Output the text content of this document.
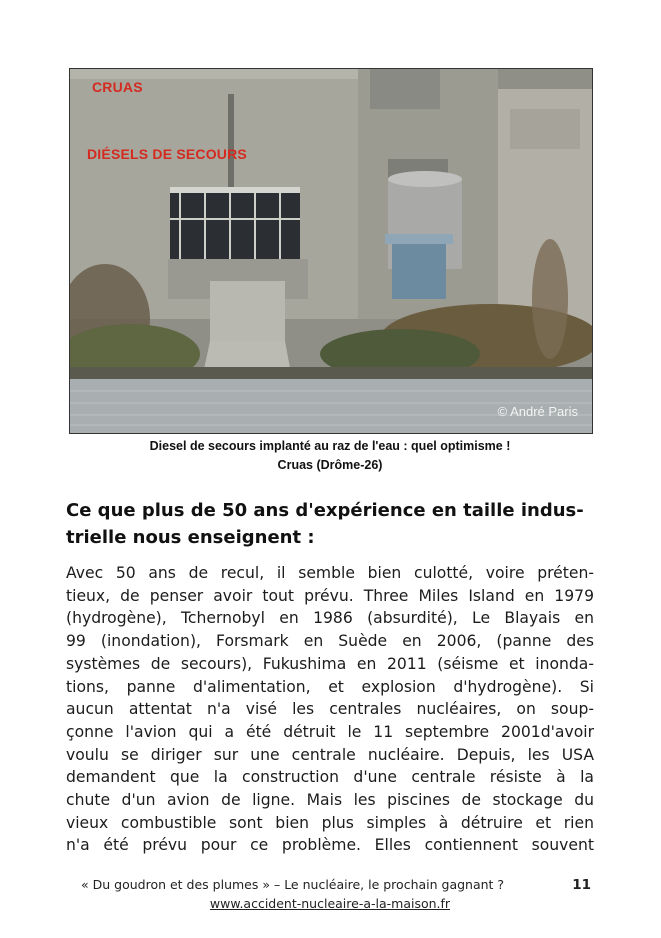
CRUAS
DIÉSELS DE SECOURS
© André Paris
Diesel de secours implanté au raz de l'eau : quel optimisme !
Cruas (Drôme-26)
Ce que plus de 50 ans d'expérience en taille indus-
trielle nous enseignent :
Avec 50 ans de recul, il semble bien culotté, voire préten-
tieux, de penser avoir tout prévu. Three Miles Island en 1979
(hydrogène), Tchernobyl en 1986 (absurdité), Le Blayais en
99 (inondation), Forsmark en Suède en 2006, (panne des
systèmes de secours), Fukushima en 2011 (séisme et inonda-
tions, panne d'alimentation, et explosion d'hydrogène). Si
aucun attentat n'a visé les centrales nucléaires, on soup-
çonne l'avion qui a été détruit le 11 septembre 2001d'avoir
voulu se diriger sur une centrale nucléaire. Depuis, les USA
demandent que la construction d'une centrale résiste à la
chute d'un avion de ligne. Mais les piscines de stockage du
vieux combustible sont bien plus simples à détruire et rien
n'a été prévu pour ce problème. Elles contiennent souvent
« Du goudron et des plumes » – Le nucléaire, le prochain gagnant ?	11
www.accident-nucleaire-a-la-maison.fr
